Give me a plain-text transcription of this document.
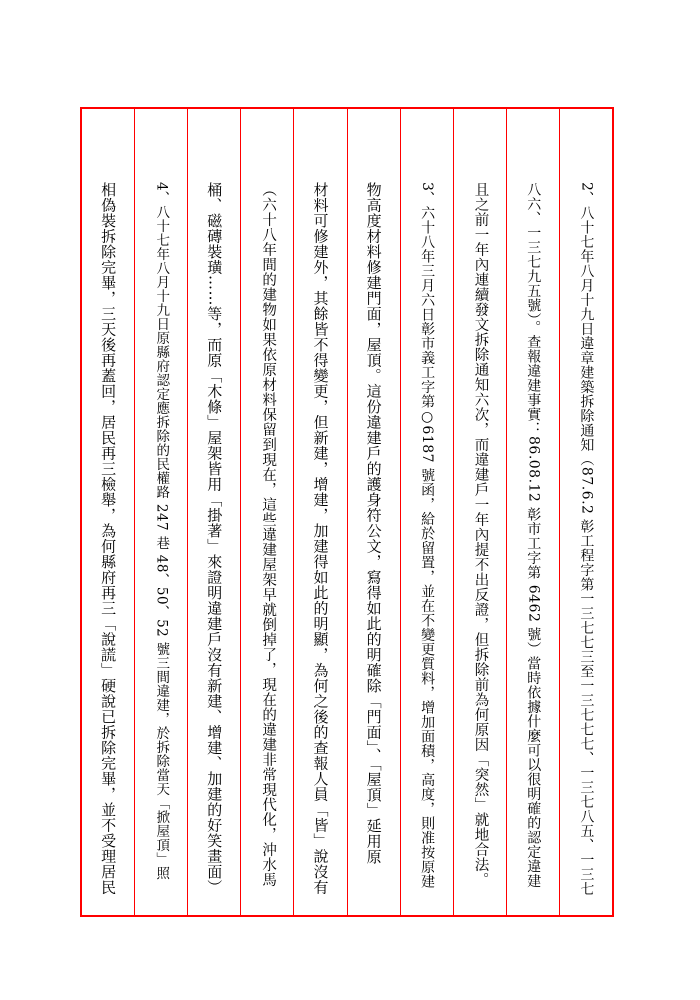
2、八十七年八月十九日違章建築拆除通知（87.6.2 彰工程字第一三七七三至一三七七七、一三七八五、一三七
八六、一三七九五號）。查報違建事實：86.08.12 彰市工字第 6462 號）當時依據什麼可以很明確的認定違建
且之前一年內連續發文拆除通知六次，而違建戶一年內提不出反證，但拆除前為何原因「突然」就地合法。
3、六十八年三月六日彰市義工字第○6187 號函，給於留置，並在不變更質料，增加面積，高度，則准按原建
物高度材料修建門面，屋頂。這份違建戶的護身符公文，寫得如此的明確除「門面」、「屋頂」延用原
材料可修建外，其餘皆不得變更，但新建，增建，加建得如此的明顯，為何之後的查報人員「皆」說沒有
（六十八年間的建物如果依原材料保留到現在，這些違建屋架早就倒掉了，現在的違建非常現代化，沖水馬
桶、磁磚裝璜……等，而原「木條」屋架皆用「掛著」來證明違建戶沒有新建、增建、加建的好笑畫面）
4、八十七年八月十九日原縣府認定應拆除的民權路 247 巷 48、50、52 號三間違建，於拆除當天「掀屋頂」照
相偽裝拆除完畢，三天後再蓋回，居民再三檢舉，為何縣府再三「說謊」硬說已拆除完畢，並不受理居民
